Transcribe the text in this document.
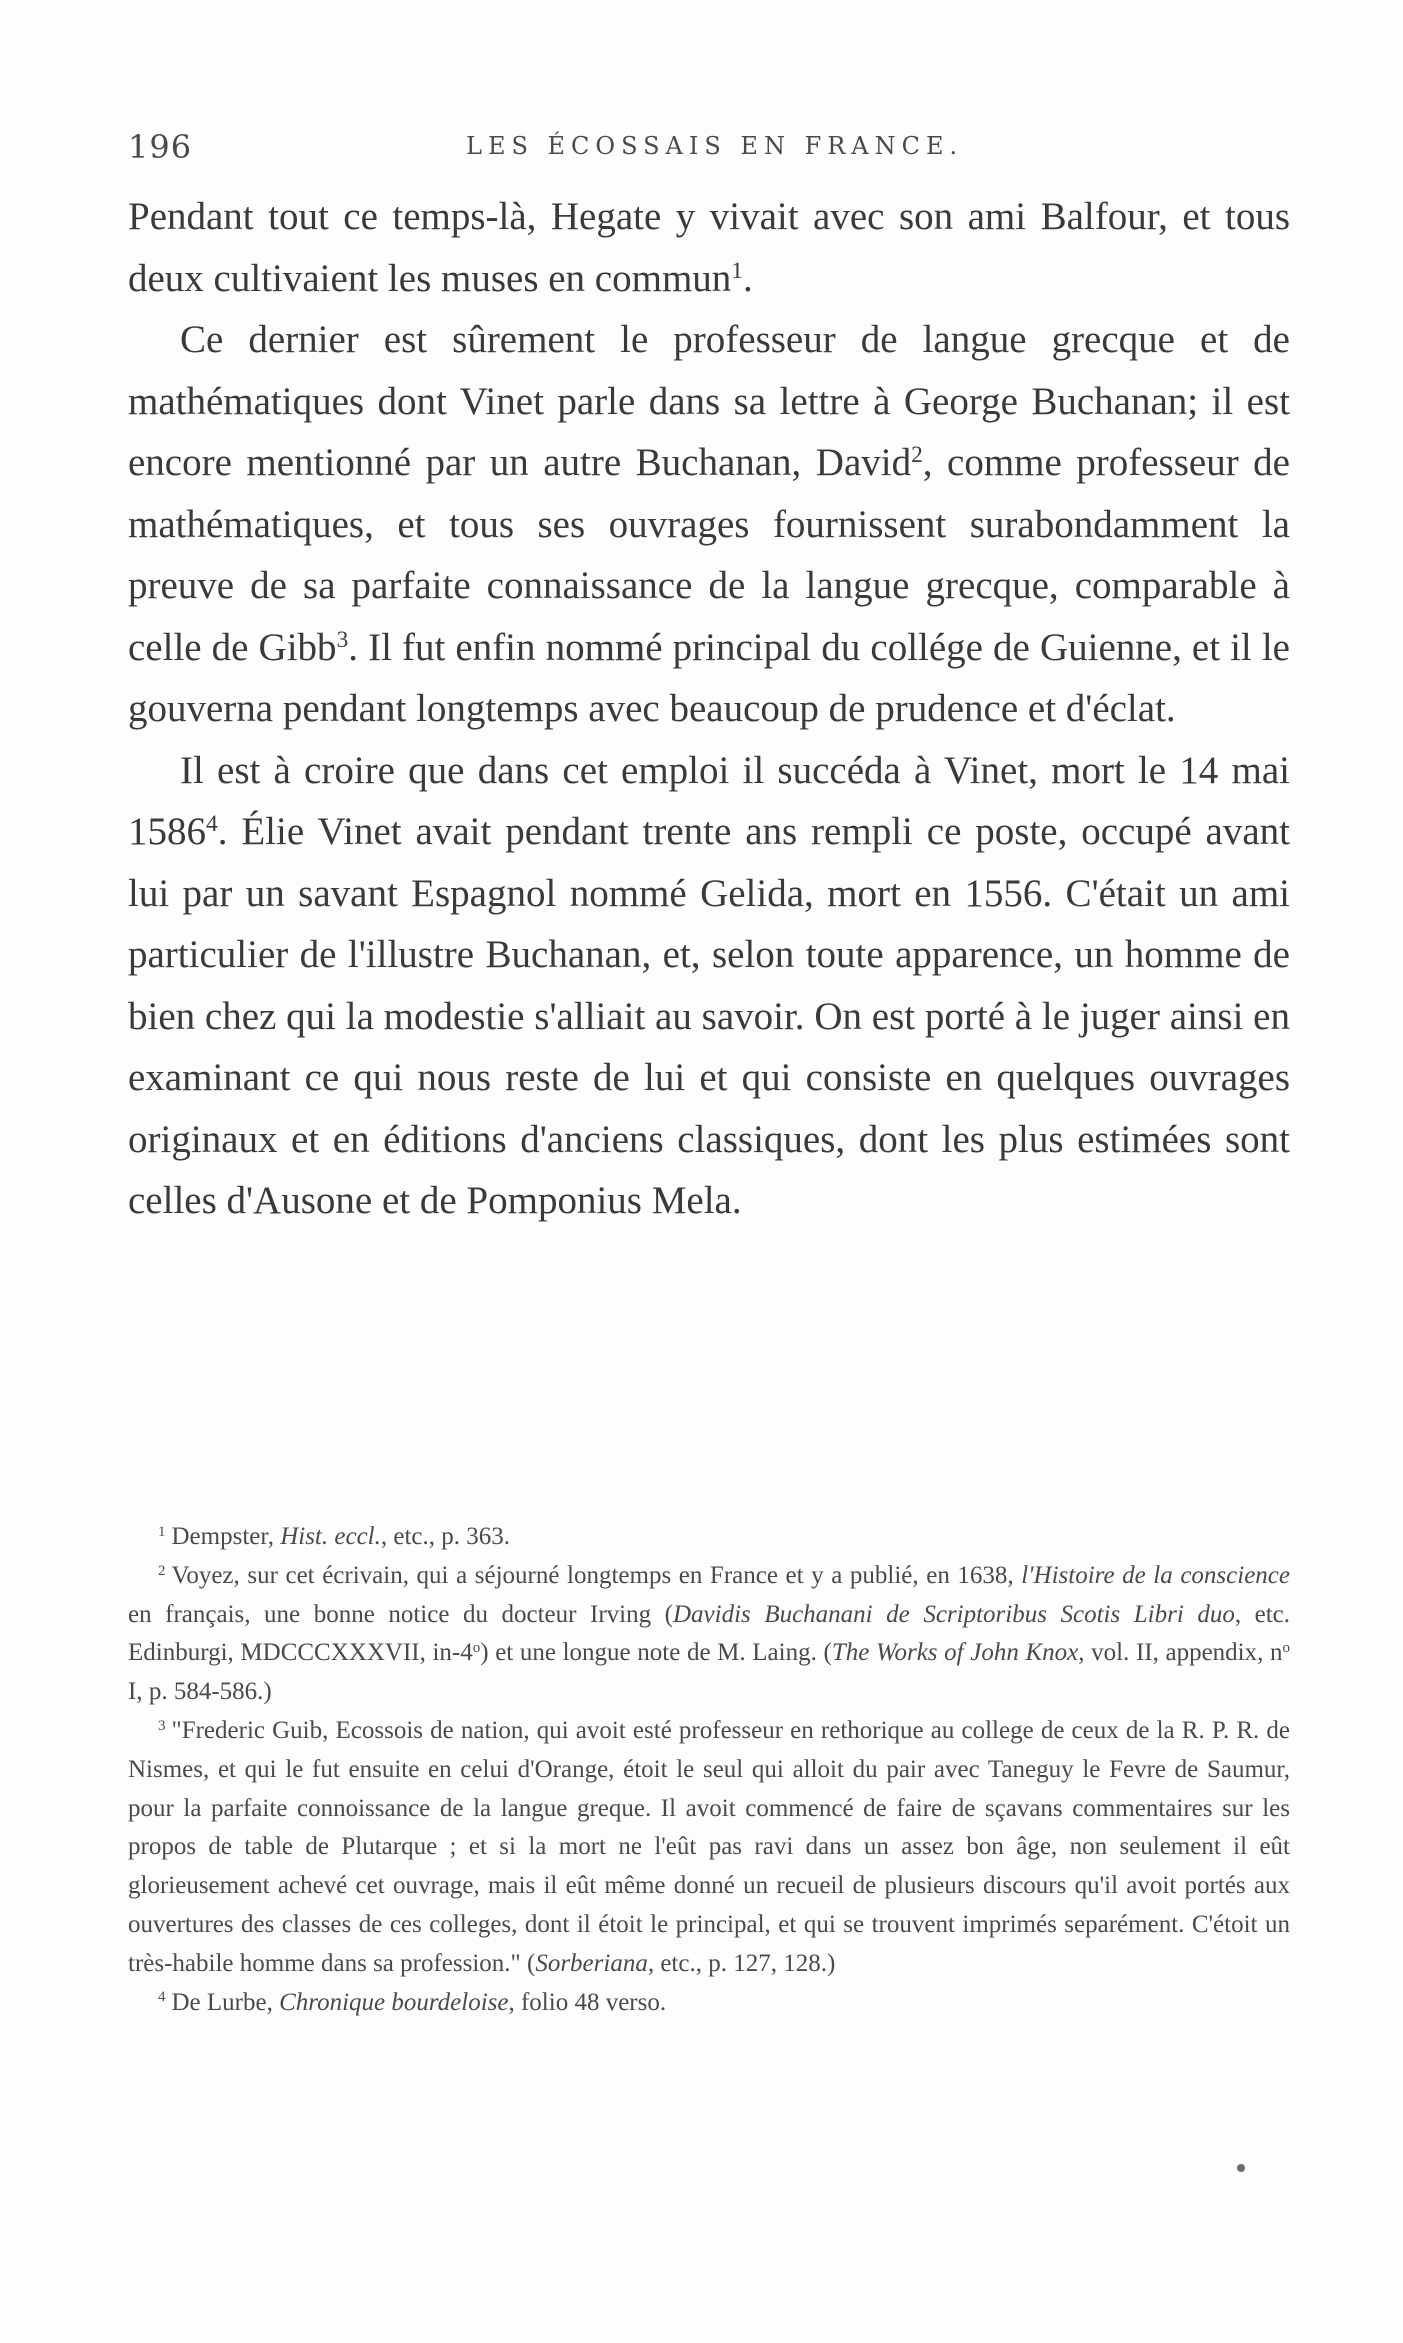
196	LES ÉCOSSAIS EN FRANCE.

Pendant tout ce temps-là, Hegate y vivait avec son ami Balfour, et tous deux cultivaient les muses en commun$^1$.

Ce dernier est sûrement le professeur de langue grecque et de mathématiques dont Vinet parle dans sa lettre à George Buchanan; il est encore mentionné par un autre Buchanan, David$^2$, comme professeur de mathématiques, et tous ses ouvrages fournissent surabondamment la preuve de sa parfaite connaissance de la langue grecque, comparable à celle de Gibb$^3$. Il fut enfin nommé principal du collége de Guienne, et il le gouverna pendant longtemps avec beaucoup de prudence et d'éclat.

Il est à croire que dans cet emploi il succéda à Vinet, mort le 14 mai 1586$^4$. Élie Vinet avait pendant trente ans rempli ce poste, occupé avant lui par un savant Espagnol nommé Gelida, mort en 1556. C'était un ami particulier de l'illustre Buchanan, et, selon toute apparence, un homme de bien chez qui la modestie s'alliait au savoir. On est porté à le juger ainsi en examinant ce qui nous reste de lui et qui consiste en quelques ouvrages originaux et en éditions d'anciens classiques, dont les plus estimées sont celles d'Ausone et de Pomponius Mela.

$^1$ Dempster, Hist. eccl., etc., p. 363.

$^2$ Voyez, sur cet écrivain, qui a séjourné longtemps en France et y a publié, en 1638, l'Histoire de la conscience en français, une bonne notice du docteur Irving (Davidis Buchanani de Scriptoribus Scotis Libri duo, etc. Edinburgi, MDCCCXXXVII, in-4$^o$) et une longue note de M. Laing. (The Works of John Knox, vol. II, appendix, $n^o$ I, p. 584-586.)

$^3$ "Frederic Guib, Ecossois de nation, qui avoit esté professeur en rethorique au college de ceux de la R. P. R. de Nismes, et qui le fut ensuite en celui d'Orange, étoit le seul qui alloit du pair avec Taneguy le Fevre de Saumur, pour la parfaite connoissance de la langue greque. Il avoit commencé de faire de sçavans commentaires sur les propos de table de Plutarque ; et si la mort ne l'eût pas ravi dans un assez bon âge, non seulement il eût glorieusement achevé cet ouvrage, mais il eût même donné un recueil de plusieurs discours qu'il avoit portés aux ouvertures des classes de ces colleges, dont il étoit le principal, et qui se trouvent imprimés separément. C'étoit un très-habile homme dans sa profession." (Sorberiana, etc., p. 127, 128.)

$^4$ De Lurbe, Chronique bourdeloise, folio 48 verso.
